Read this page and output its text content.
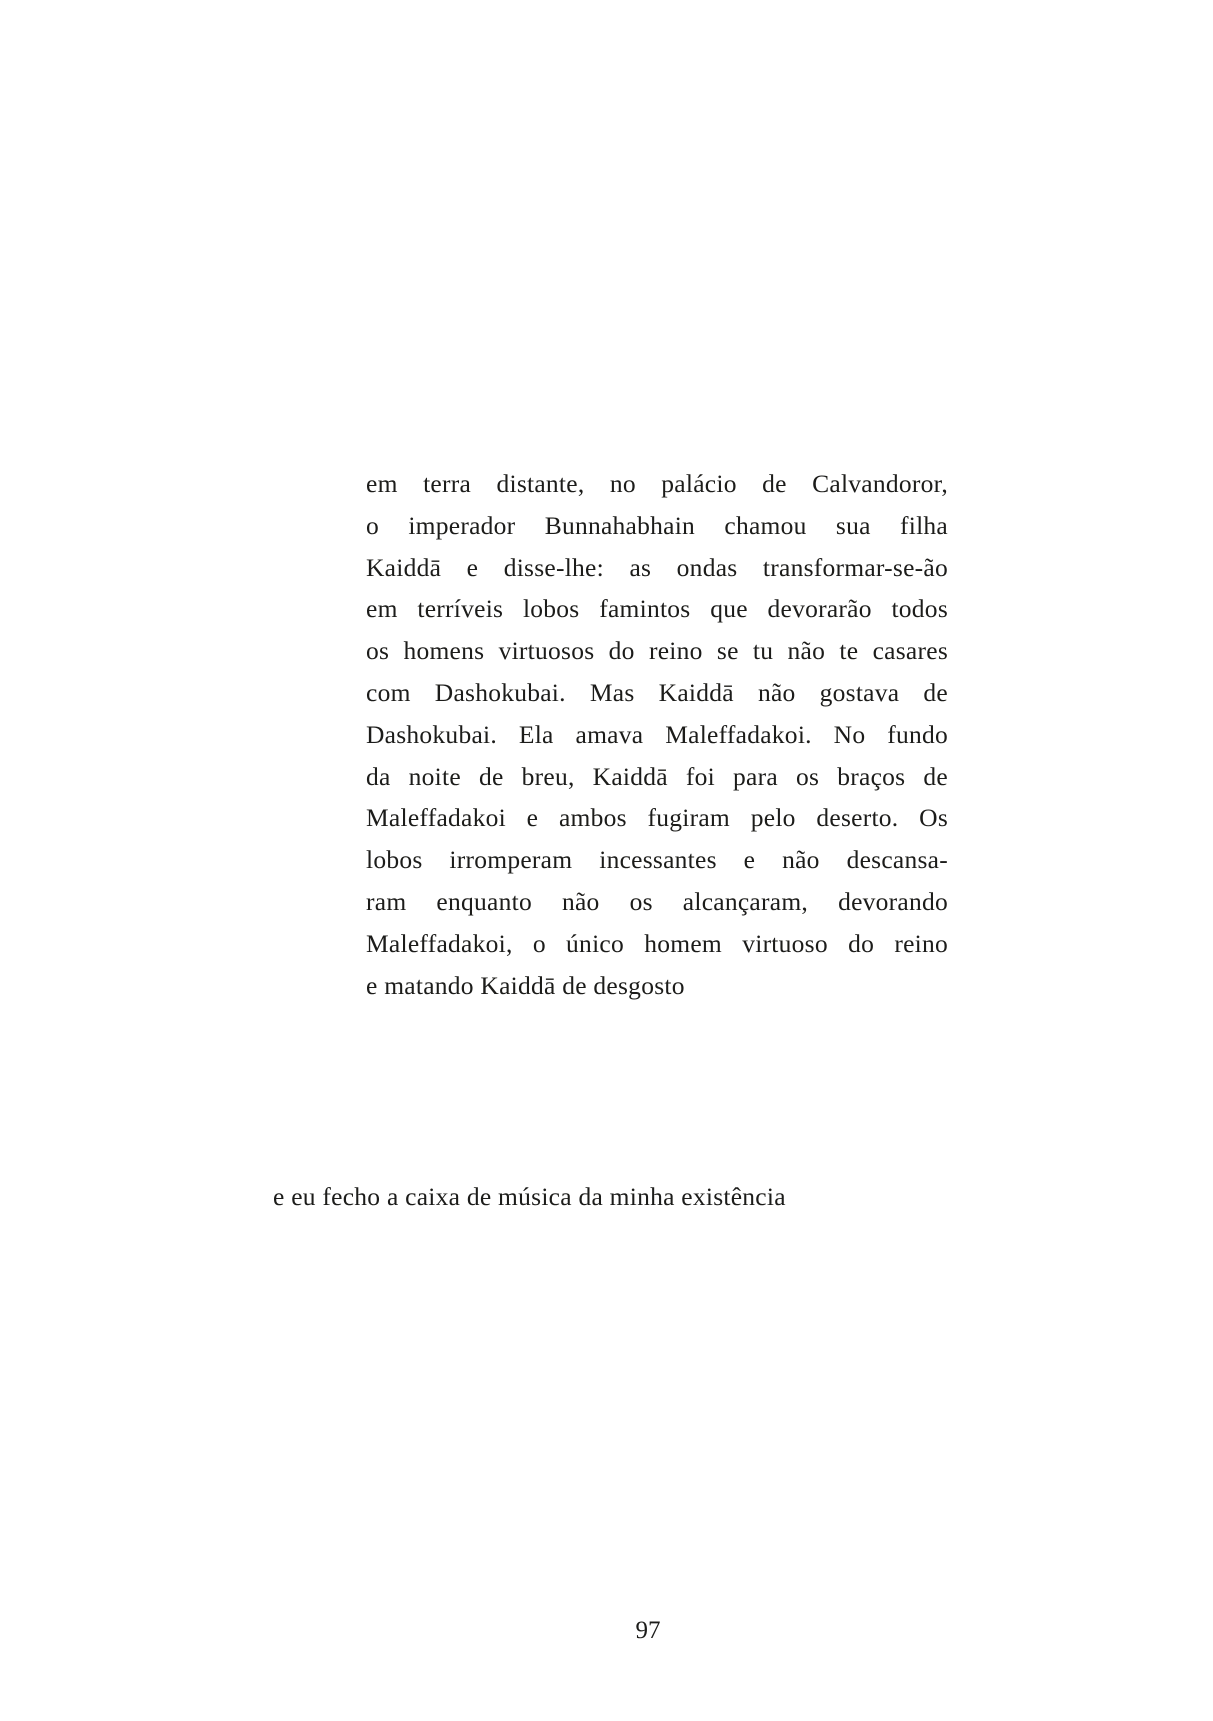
em terra distante, no palácio de Calvandoror,
o imperador Bunnahabhain chamou sua filha
Kaiddā e disse-lhe: as ondas transformar-se-ão
em terríveis lobos famintos que devorarão todos
os homens virtuosos do reino se tu não te casares
com Dashokubai. Mas Kaiddā não gostava de
Dashokubai. Ela amava Maleffadakoi. No fundo
da noite de breu, Kaiddā foi para os braços de
Maleffadakoi e ambos fugiram pelo deserto. Os
lobos irromperam incessantes e não descansa-
ram enquanto não os alcançaram, devorando
Maleffadakoi, o único homem virtuoso do reino
e matando Kaiddā de desgosto
e eu fecho a caixa de música da minha existência
97
